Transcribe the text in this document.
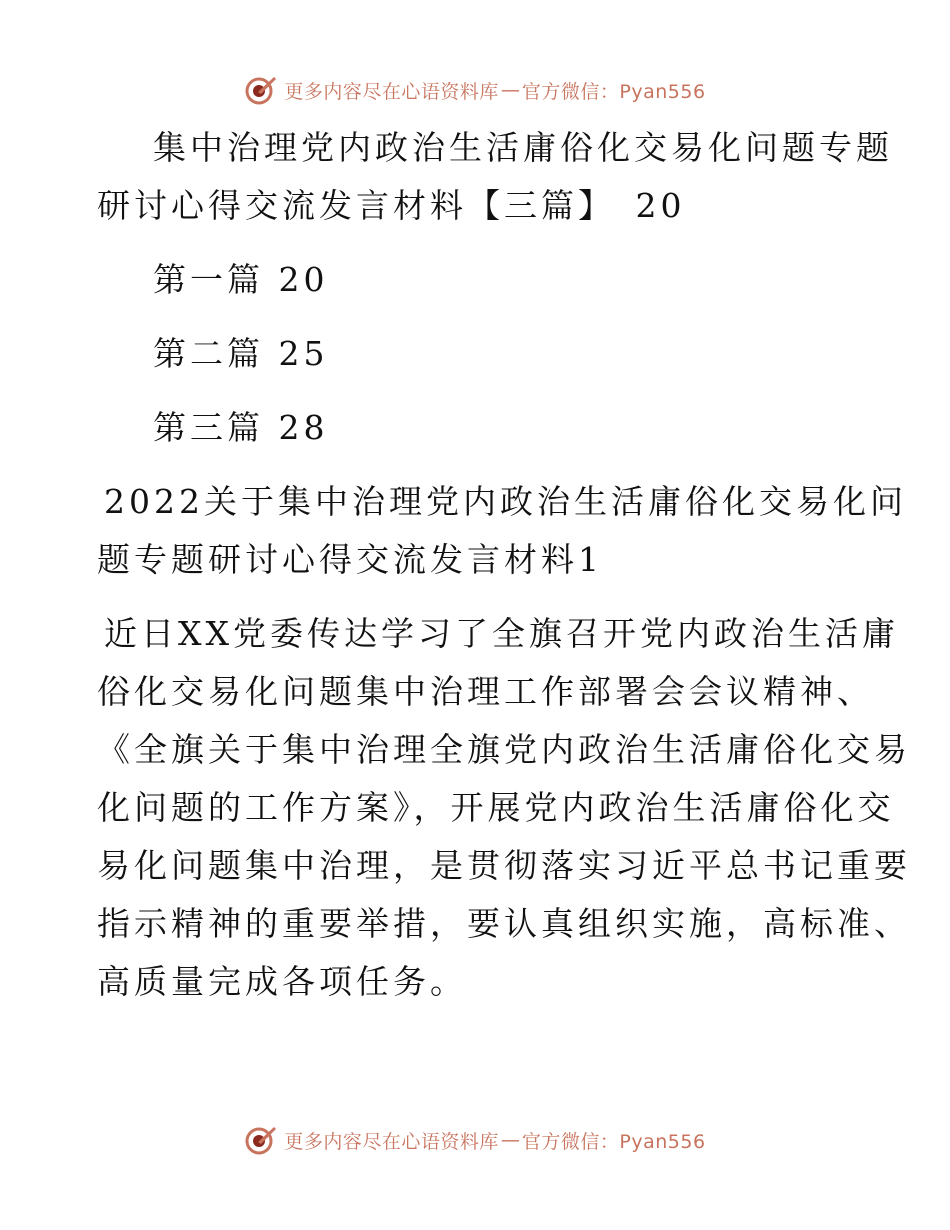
更多内容尽在心语资料库 — 官方微信：Pyan556
集中治理党内政治生活庸俗化交易化问题专题
研讨心得交流发言材料【三篇】　20
第一篇 20
第二篇 25
第三篇 28
2022关于集中治理党内政治生活庸俗化交易化问
题专题研讨心得交流发言材料1
近日XX党委传达学习了全旗召开党内政治生活庸
俗化交易化问题集中治理工作部署会会议精神、
《全旗关于集中治理全旗党内政治生活庸俗化交易
化问题的工作方案》，开展党内政治生活庸俗化交
易化问题集中治理，是贯彻落实习近平总书记重要
指示精神的重要举措，要认真组织实施，高标准、
高质量完成各项任务。
更多内容尽在心语资料库 — 官方微信：Pyan556
